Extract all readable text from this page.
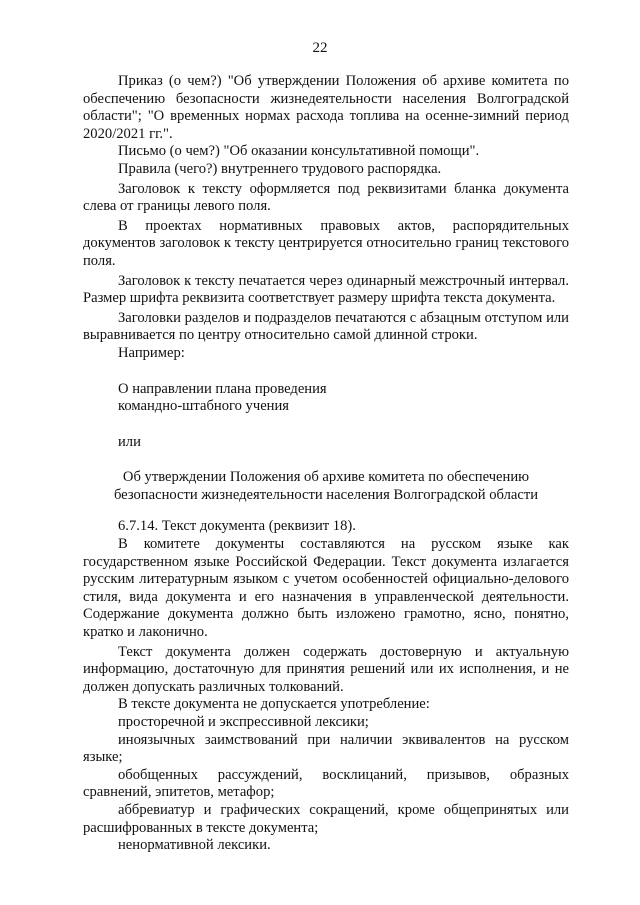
22

Приказ (о чем?) "Об утверждении Положения об архиве комитета по обеспечению безопасности жизнедеятельности населения Волгоградской области"; "О временных нормах расхода топлива на осенне-зимний период 2020/2021 гг.".

Письмо (о чем?) "Об оказании консультативной помощи".

Правила (чего?) внутреннего трудового распорядка.

Заголовок к тексту оформляется под реквизитами бланка документа слева от границы левого поля.

В проектах нормативных правовых актов, распорядительных документов заголовок к тексту центрируется относительно границ текстового поля.

Заголовок к тексту печатается через одинарный межстрочный интервал. Размер шрифта реквизита соответствует размеру шрифта текста документа.

Заголовки разделов и подразделов печатаются с абзацным отступом или выравнивается по центру относительно самой длинной строки.

Например:

О направлении плана проведения

командно-штабного учения

или

Об утверждении Положения об архиве комитета по обеспечению

безопасности жизнедеятельности населения Волгоградской области

6.7.14. Текст документа (реквизит 18).

В комитете документы составляются на русском языке как государственном языке Российской Федерации. Текст документа излагается русским литературным языком с учетом особенностей официально-делового стиля, вида документа и его назначения в управленческой деятельности. Содержание документа должно быть изложено грамотно, ясно, понятно, кратко и лаконично.

Текст документа должен содержать достоверную и актуальную информацию, достаточную для принятия решений или их исполнения, и не должен допускать различных толкований.

В тексте документа не допускается употребление:

просторечной и экспрессивной лексики;

иноязычных заимствований при наличии эквивалентов на русском языке;

обобщенных рассуждений, восклицаний, призывов, образных сравнений, эпитетов, метафор;

аббревиатур и графических сокращений, кроме общепринятых или расшифрованных в тексте документа;

ненормативной лексики.
